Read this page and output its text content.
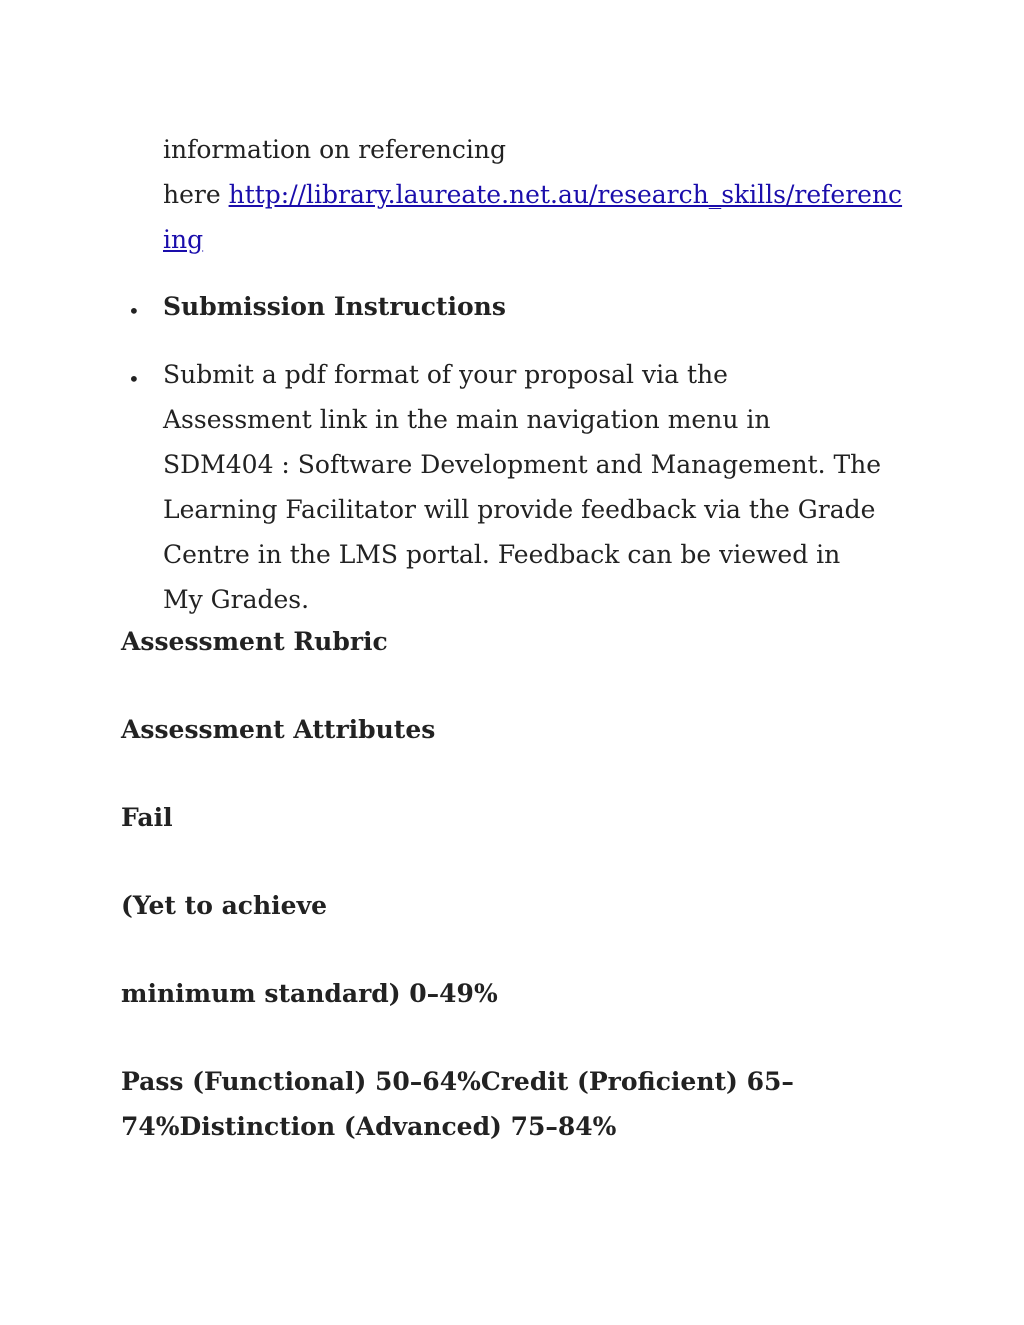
information on referencing
here http://library.laureate.net.au/research_skills/referencing
• Submission Instructions
• Submit a pdf format of your proposal via the Assessment link in the main navigation menu in SDM404 : Software Development and Management. The Learning Facilitator will provide feedback via the Grade Centre in the LMS portal. Feedback can be viewed in My Grades.
Assessment Rubric
Assessment Attributes
Fail
(Yet to achieve
minimum standard) 0–49%
Pass (Functional) 50–64%Credit (Proficient) 65–74%Distinction (Advanced) 75–84%
